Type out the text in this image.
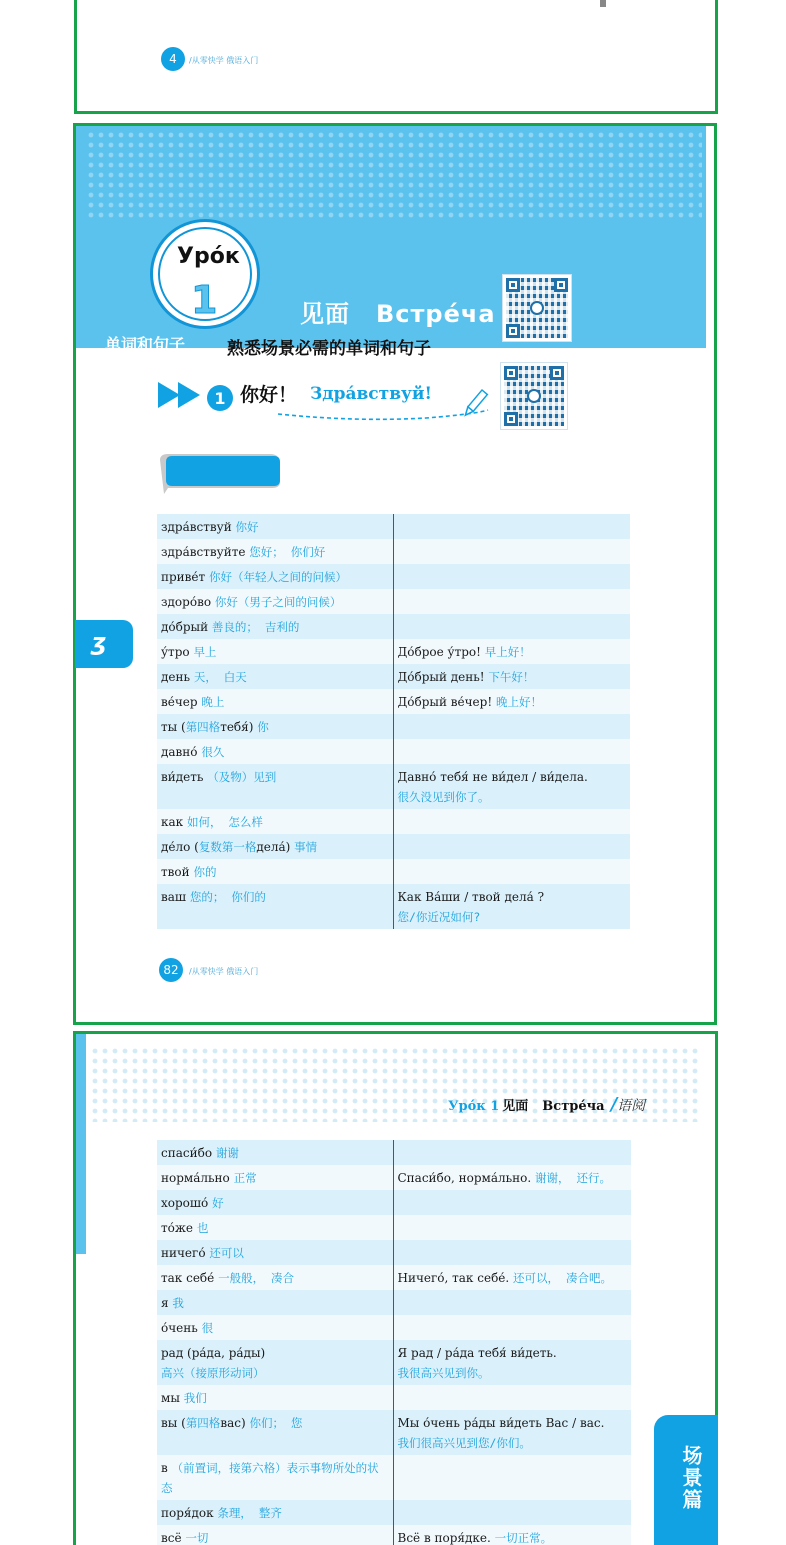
4	/从零快学 俄语入门
Уро́к
1	见面 Встре́ча
1 你好！ Здра́вствуй!
单词和句子 熟悉场景必需的单词和句子
82	/从零快学 俄语入门
ʒ
здра́вствуй 你好	
здра́вствуйте 您好； 你们好	
приве́т 你好（年轻人之间的问候）	
здоро́во 你好（男子之间的问候）	
до́брый 善良的； 吉利的	
у́тро 早上	До́брое у́тро! 早上好！
день 天， 白天	До́брый день! 下午好！
ве́чер 晚上	До́брый ве́чер! 晚上好！
ты (第四格тебя́) 你	
давно́ 很久	
ви́деть （及物）见到	Давно́ тебя́ не ви́дел / ви́дела.
很久没见到你了。
как 如何， 怎么样	
де́ло (复数第一格дела́) 事情	
твой 你的	
ваш 您的； 你们的	Как Ва́ши / твой дела́ ?
您/你近况如何?
Уро́к 1 见面 Встре́ча /语阅
спаси́бо 谢谢	
норма́льно 正常	Спаси́бо, норма́льно. 谢谢， 还行。
хорошо́ 好	
то́же 也	
ничего́ 还可以	
так себе́ 一般般， 凑合	Ничего́, так себе́. 还可以， 凑合吧。
я 我	
о́чень 很	
рад (ра́да, ра́ды)
高兴（接原形动词）	Я рад / ра́да тебя́ ви́деть.
我很高兴见到你。
мы 我们	
вы (第四格вас) 你们； 您	Мы о́чень ра́ды ви́деть Вас / вас.
我们很高兴见到您/你们。
в （前置词，接第六格）表示事物所处的状态	
поря́док 条理， 整齐	
всё 一切	Всё в поря́дке. 一切正常。
场景篇
